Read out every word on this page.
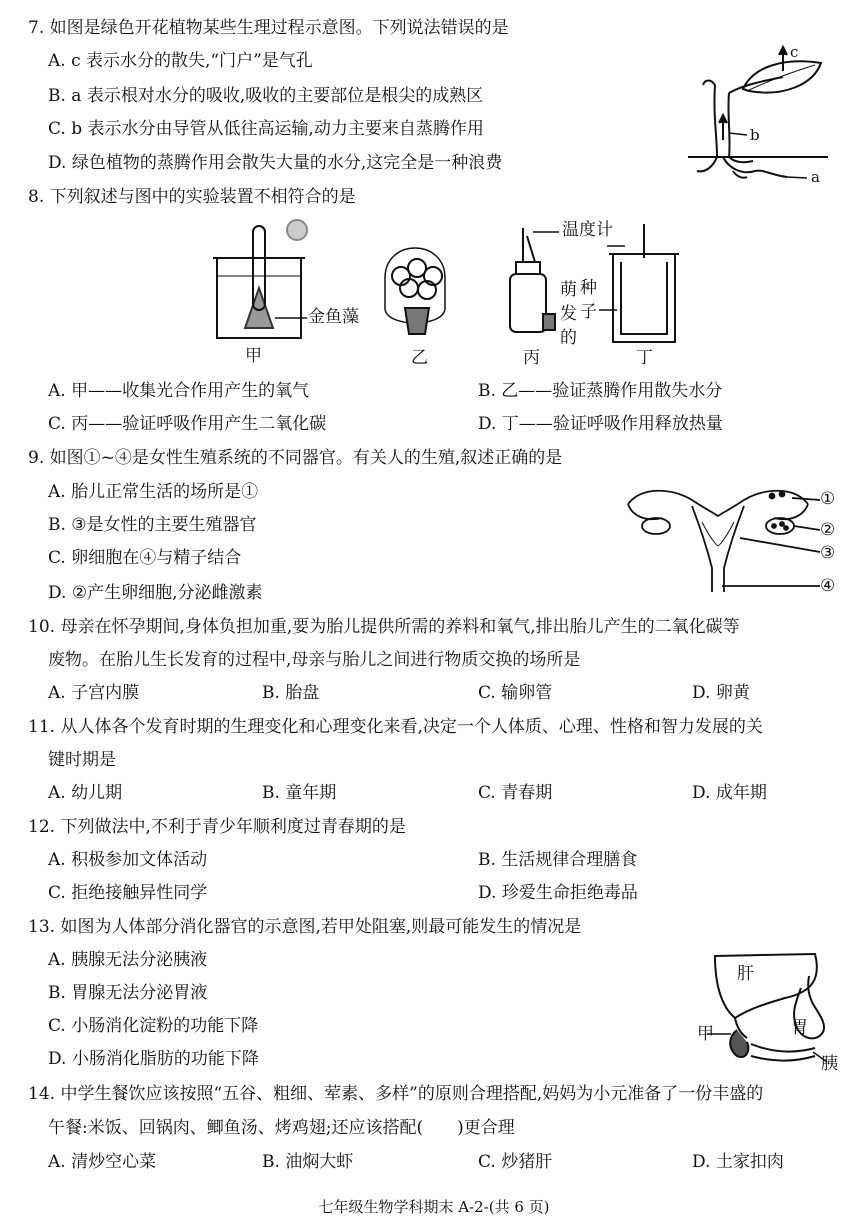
7. 如图是绿色开花植物某些生理过程示意图。下列说法错误的是
A. c 表示水分的散失,“门户”是气孔
B. a 表示根对水分的吸收,吸收的主要部位是根尖的成熟区
C. b 表示水分由导管从低往高运输,动力主要来自蒸腾作用
D. 绿色植物的蒸腾作用会散失大量的水分,这完全是一种浪费
c
b
a
8. 下列叙述与图中的实验装置不相符合的是
金鱼藻
温度计
萌
发
的
种
子
甲	乙	丙	丁
A. 甲——收集光合作用产生的氧气	B. 乙——验证蒸腾作用散失水分
C. 丙——验证呼吸作用产生二氧化碳	D. 丁——验证呼吸作用释放热量
9. 如图①~④是女性生殖系统的不同器官。有关人的生殖,叙述正确的是
A. 胎儿正常生活的场所是①
B. ③是女性的主要生殖器官
C. 卵细胞在④与精子结合
D. ②产生卵细胞,分泌雌激素
①
②
③
④
10. 母亲在怀孕期间,身体负担加重,要为胎儿提供所需的养料和氧气,排出胎儿产生的二氧化碳等
废物。在胎儿生长发育的过程中,母亲与胎儿之间进行物质交换的场所是
A. 子宫内膜	B. 胎盘	C. 输卵管	D. 卵黄
11. 从人体各个发育时期的生理变化和心理变化来看,决定一个人体质、心理、性格和智力发展的关
键时期是
A. 幼儿期	B. 童年期	C. 青春期	D. 成年期
12. 下列做法中,不利于青少年顺利度过青春期的是
A. 积极参加文体活动	B. 生活规律合理膳食
C. 拒绝接触异性同学	D. 珍爱生命拒绝毒品
13. 如图为人体部分消化器官的示意图,若甲处阻塞,则最可能发生的情况是
A. 胰腺无法分泌胰液
B. 胃腺无法分泌胃液
C. 小肠消化淀粉的功能下降
D. 小肠消化脂肪的功能下降
肝
胃
甲
胰
14. 中学生餐饮应该按照“五谷、粗细、荤素、多样”的原则合理搭配,妈妈为小元准备了一份丰盛的
午餐:米饭、回锅肉、鲫鱼汤、烤鸡翅;还应该搭配(　　)更合理
A. 清炒空心菜	B. 油焖大虾	C. 炒猪肝	D. 土家扣肉
七年级生物学科期末 A-2-(共 6 页)
